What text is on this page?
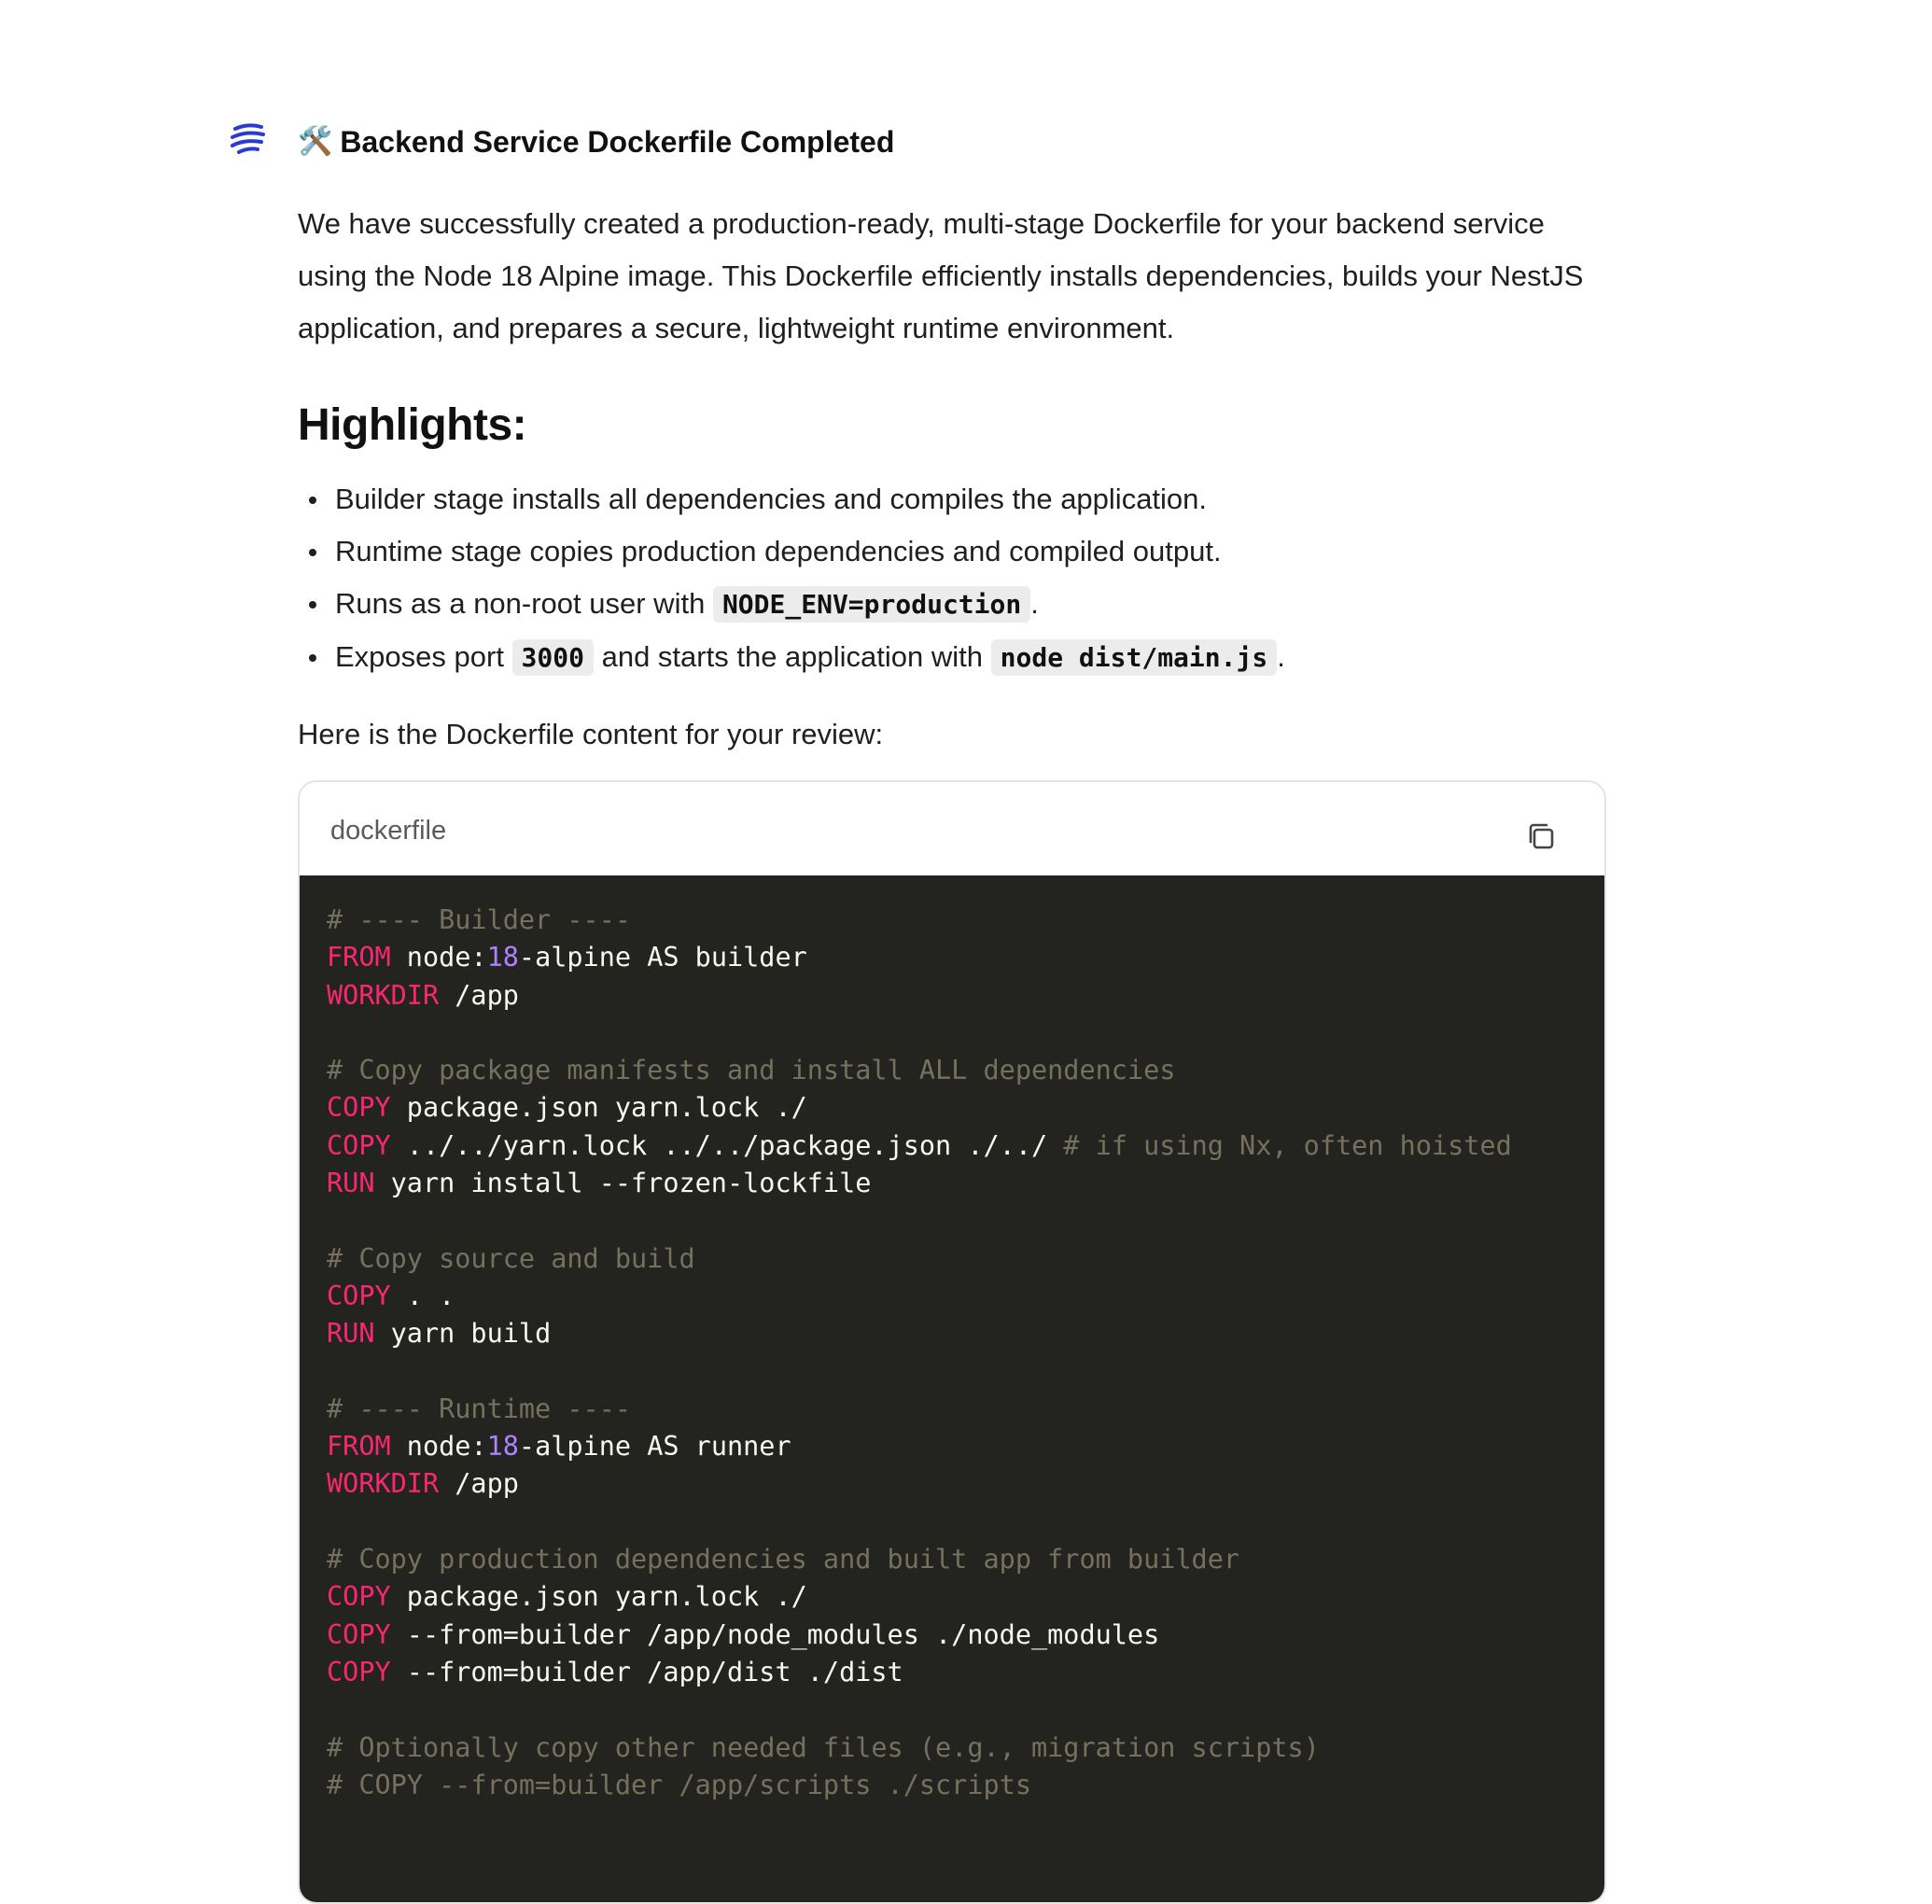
🛠️ Backend Service Dockerfile Completed
We have successfully created a production-ready, multi-stage Dockerfile for your backend service using the Node 18 Alpine image. This Dockerfile efficiently installs dependencies, builds your NestJS application, and prepares a secure, lightweight runtime environment.
Highlights:
Builder stage installs all dependencies and compiles the application.
Runtime stage copies production dependencies and compiled output.
Runs as a non-root user with NODE_ENV=production .
Exposes port 3000 and starts the application with node dist/main.js .
Here is the Dockerfile content for your review:
dockerfile
# ---- Builder ----
FROM node:18-alpine AS builder
WORKDIR /app

# Copy package manifests and install ALL dependencies
COPY package.json yarn.lock ./
COPY ../../yarn.lock ../../package.json ./../ # if using Nx, often hoisted
RUN yarn install --frozen-lockfile

# Copy source and build
COPY . .
RUN yarn build

# ---- Runtime ----
FROM node:18-alpine AS runner
WORKDIR /app

# Copy production dependencies and built app from builder
COPY package.json yarn.lock ./
COPY --from=builder /app/node_modules ./node_modules
COPY --from=builder /app/dist ./dist

# Optionally copy other needed files (e.g., migration scripts)
# COPY --from=builder /app/scripts ./scripts
